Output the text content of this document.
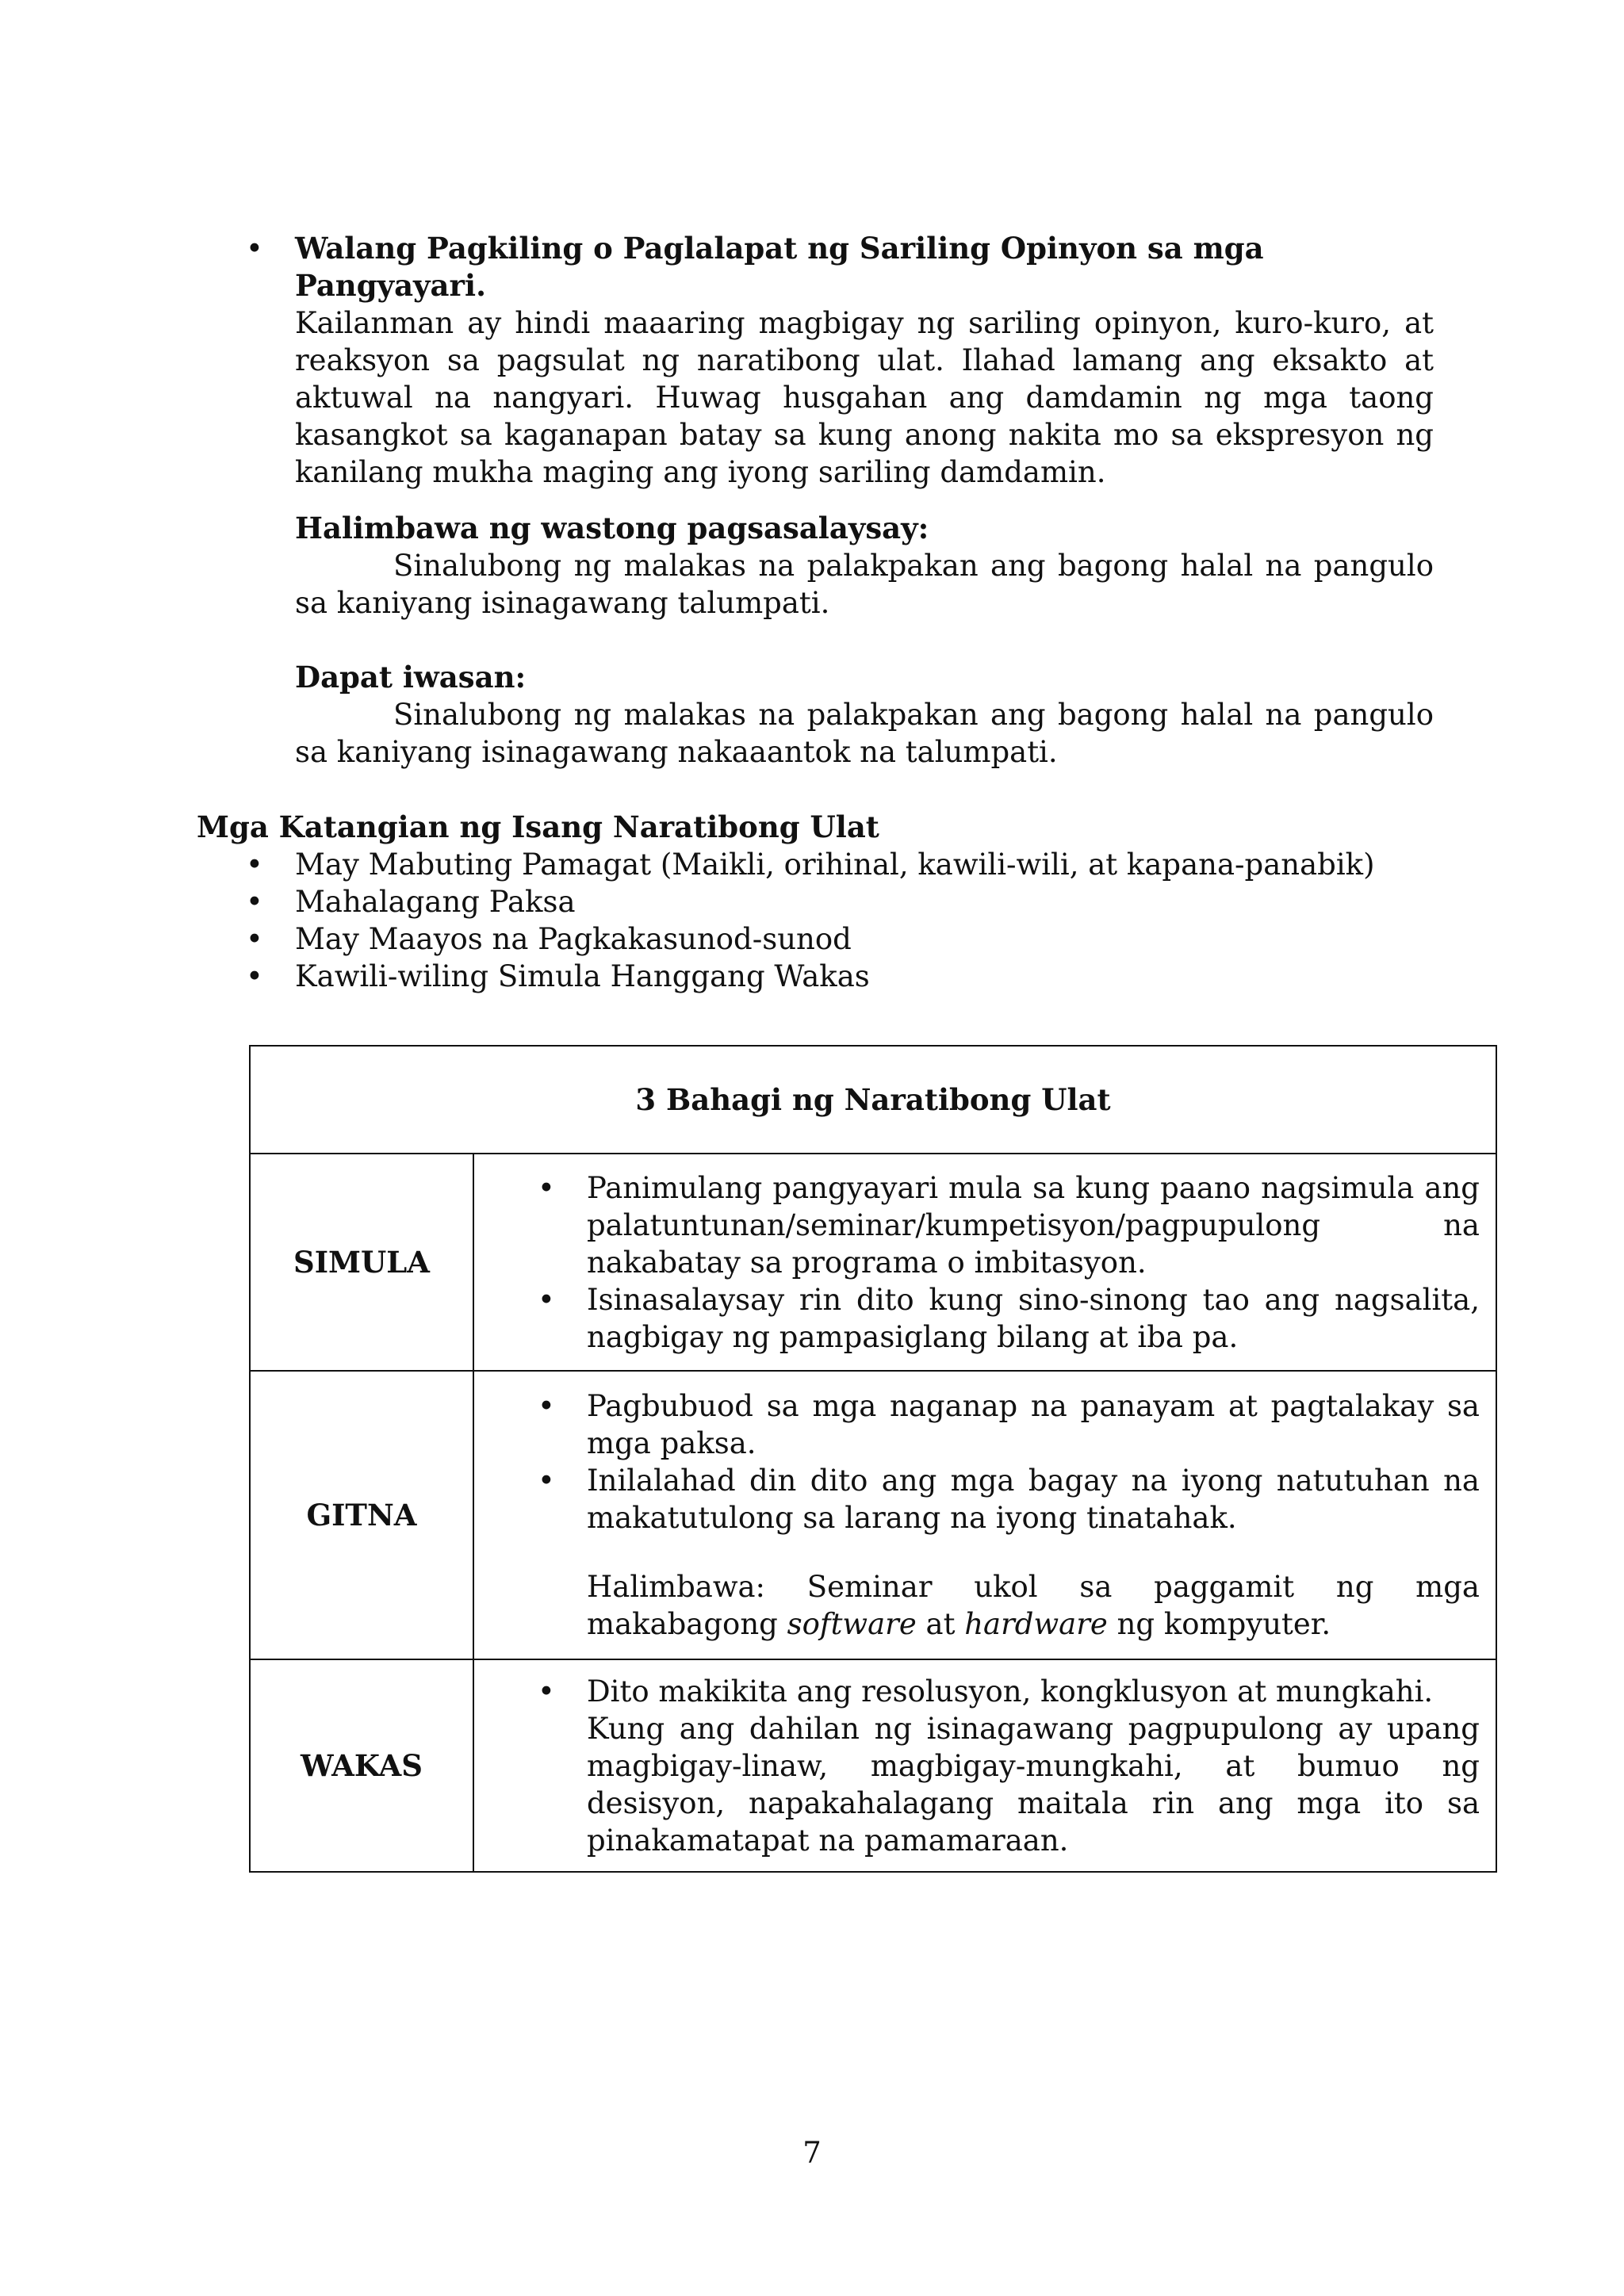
• Walang Pagkiling o Paglalapat ng Sariling Opinyon sa mga Pangyayari.
Kailanman ay hindi maaaring magbigay ng sariling opinyon, kuro-kuro, at reaksyon sa pagsulat ng naratibong ulat. Ilahad lamang ang eksakto at aktuwal na nangyari. Huwag husgahan ang damdamin ng mga taong kasangkot sa kaganapan batay sa kung anong nakita mo sa ekspresyon ng kanilang mukha maging ang iyong sariling damdamin.
Halimbawa ng wastong pagsasalaysay:
Sinalubong ng malakas na palakpakan ang bagong halal na pangulo sa kaniyang isinagawang talumpati.
Dapat iwasan:
Sinalubong ng malakas na palakpakan ang bagong halal na pangulo sa kaniyang isinagawang nakaaantok na talumpati.
Mga Katangian ng Isang Naratibong Ulat
• May Mabuting Pamagat (Maikli, orihinal, kawili-wili, at kapana-panabik)
• Mahalagang Paksa
• May Maayos na Pagkakasunod-sunod
• Kawili-wiling Simula Hanggang Wakas
3 Bahagi ng Naratibong Ulat	
SIMULA	• Panimulang pangyayari mula sa kung paano nagsimula ang palatuntunan/seminar/kumpetisyon/pagpupulong na nakabatay sa programa o imbitasyon.
• Isinasalaysay rin dito kung sino-sinong tao ang nagsalita, nagbigay ng pampasiglang bilang at iba pa.

GITNA	• Pagbubuod sa mga naganap na panayam at pagtalakay sa mga paksa.
• Inilalahad din dito ang mga bagay na iyong natutuhan na makatutulong sa larang na iyong tinatahak.
Halimbawa: Seminar ukol sa paggamit ng mga makabagong software at hardware ng kompyuter.

WAKAS	• Dito makikita ang resolusyon, kongklusyon at mungkahi.
Kung ang dahilan ng isinagawang pagpupulong ay upang magbigay-linaw, magbigay-mungkahi, at bumuo ng desisyon, napakahalagang maitala rin ang mga ito sa pinakamatapat na pamamaraan.
7
